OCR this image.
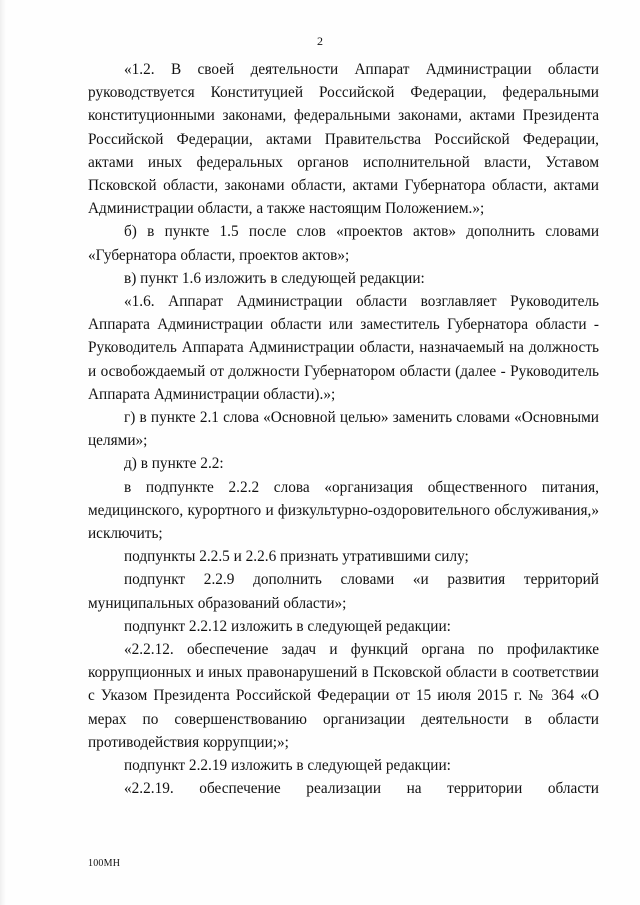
2

«1.2. В своей деятельности Аппарат Администрации области руководствуется Конституцией Российской Федерации, федеральными конституционными законами, федеральными законами, актами Президента Российской Федерации, актами Правительства Российской Федерации, актами иных федеральных органов исполнительной власти, Уставом Псковской области, законами области, актами Губернатора области, актами Администрации области, а также настоящим Положением.»;

б) в пункте 1.5 после слов «проектов актов» дополнить словами «Губернатора области, проектов актов»;

в) пункт 1.6 изложить в следующей редакции:

«1.6. Аппарат Администрации области возглавляет Руководитель Аппарата Администрации области или заместитель Губернатора области - Руководитель Аппарата Администрации области, назначаемый на должность и освобождаемый от должности Губернатором области (далее - Руководитель Аппарата Администрации области).»;

г) в пункте 2.1 слова «Основной целью» заменить словами «Основными целями»;

д) в пункте 2.2:

в подпункте 2.2.2 слова «организация общественного питания, медицинского, курортного и физкультурно-оздоровительного обслуживания,» исключить;

подпункты 2.2.5 и 2.2.6 признать утратившими силу;

подпункт 2.2.9 дополнить словами «и развития территорий муниципальных образований области»;

подпункт 2.2.12 изложить в следующей редакции:

«2.2.12. обеспечение задач и функций органа по профилактике коррупционных и иных правонарушений в Псковской области в соответствии с Указом Президента Российской Федерации от 15 июля 2015 г. № 364 «О мерах по совершенствованию организации деятельности в области противодействия коррупции;»;

подпункт 2.2.19 изложить в следующей редакции:

«2.2.19. обеспечение реализации на территории области

100МН
